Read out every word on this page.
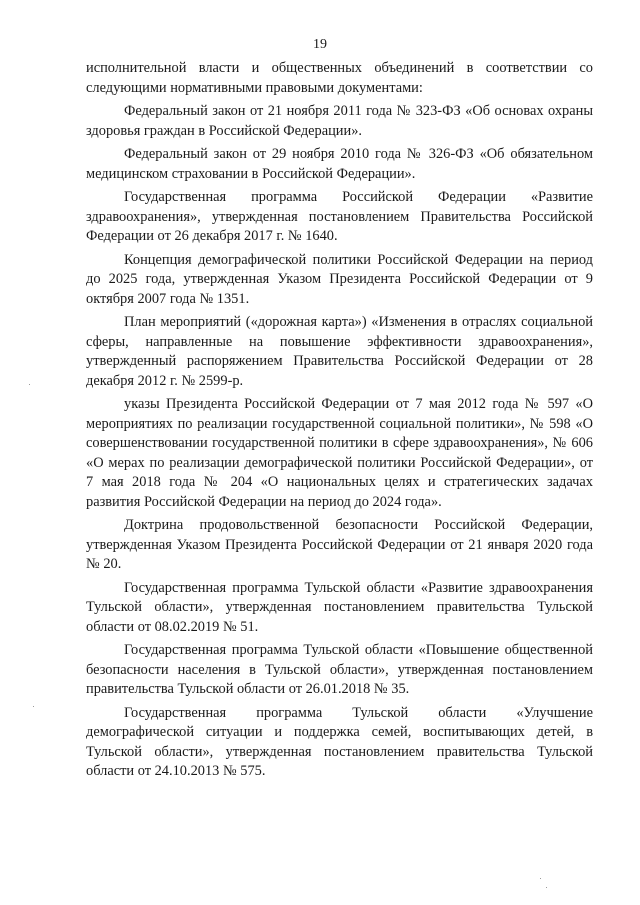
19

исполнительной власти и общественных объединений в соответствии со следующими нормативными правовыми документами:

Федеральный закон от 21 ноября 2011 года № 323-ФЗ «Об основах охраны здоровья граждан в Российской Федерации».

Федеральный закон от 29 ноября 2010 года № 326-ФЗ «Об обязательном медицинском страховании в Российской Федерации».

Государственная программа Российской Федерации «Развитие здравоохранения», утвержденная постановлением Правительства Российской Федерации от 26 декабря 2017 г. № 1640.

Концепция демографической политики Российской Федерации на период до 2025 года, утвержденная Указом Президента Российской Федерации от 9 октября 2007 года № 1351.

План мероприятий («дорожная карта») «Изменения в отраслях социальной сферы, направленные на повышение эффективности здравоохранения», утвержденный распоряжением Правительства Российской Федерации от 28 декабря 2012 г. № 2599-р.

указы Президента Российской Федерации от 7 мая 2012 года № 597 «О мероприятиях по реализации государственной социальной политики», № 598 «О совершенствовании государственной политики в сфере здравоохранения», № 606 «О мерах по реализации демографической политики Российской Федерации», от 7 мая 2018 года № 204 «О национальных целях и стратегических задачах развития Российской Федерации на период до 2024 года».

Доктрина продовольственной безопасности Российской Федерации, утвержденная Указом Президента Российской Федерации от 21 января 2020 года № 20.

Государственная программа Тульской области «Развитие здравоохранения Тульской области», утвержденная постановлением правительства Тульской области от 08.02.2019 № 51.

Государственная программа Тульской области «Повышение общественной безопасности населения в Тульской области», утвержденная постановлением правительства Тульской области от 26.01.2018 № 35.

Государственная программа Тульской области «Улучшение демографической ситуации и поддержка семей, воспитывающих детей, в Тульской области», утвержденная постановлением правительства Тульской области от 24.10.2013 № 575.
